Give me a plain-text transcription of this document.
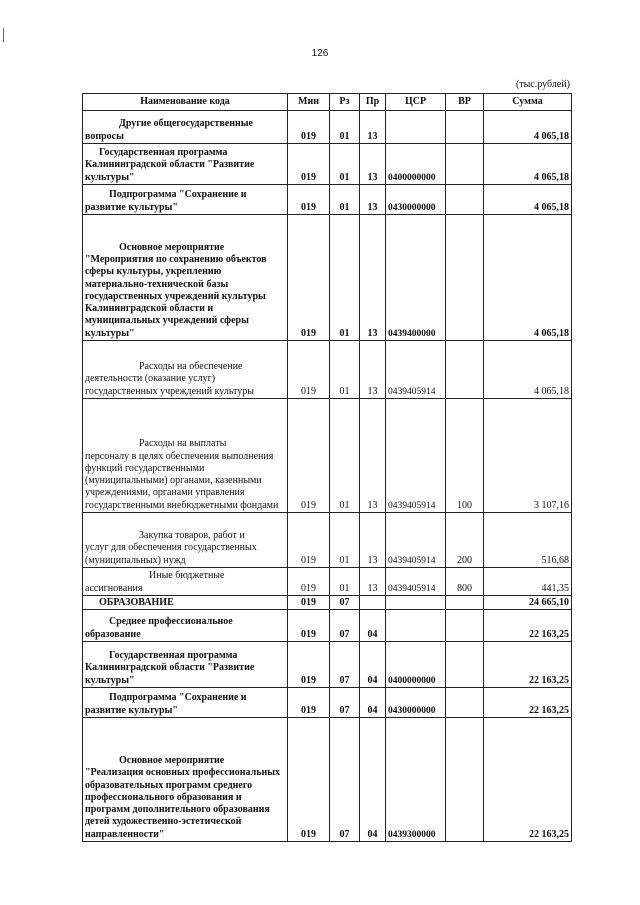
126
(тыс.рублей)
Наименование кода	Мин	Рз	Пр	ЦСР	ВР	Сумма

Другие общегосударственные
вопросы	019	01	13			4 065,18

Государственная программа
Калининградской области "Развитие культуры"	019	01	13	0400000000		4 065,18

Подпрограмма "Сохранение и
развитие культуры"	019	01	13	0430000000		4 065,18

Основное мероприятие
"Мероприятия по сохранению объектов сферы культуры, укреплению материально-технической базы государственных учреждений культуры Калининградской области и муниципальных учреждений сферы культуры"	019	01	13	0439400000		4 065,18

Расходы на обеспечение
деятельности (оказание услуг) государственных учреждений культуры	019	01	13	0439405914		4 065,18

Расходы на выплаты
персоналу в целях обеспечения выполнения функций государственными (муниципальными) органами, казенными учреждениями, органами управления государственными внебюджетными фондами	019	01	13	0439405914	100	3 107,16

Закупка товаров, работ и
услуг для обеспечения государственных (муниципальных) нужд	019	01	13	0439405914	200	516,68

Иные бюджетные
ассигнования	019	01	13	0439405914	800	441,35

ОБРАЗОВАНИЕ	019	07				24 665,10

Среднее профессиональное
образование	019	07	04			22 163,25

Государственная программа
Калининградской области "Развитие культуры"	019	07	04	0400000000		22 163,25

Подпрограмма "Сохранение и
развитие культуры"	019	07	04	0430000000		22 163,25

Основное мероприятие
"Реализация основных профессиональных образовательных программ среднего профессионального образования и программ дополнительного образования детей художественно-эстетической направленности"	019	07	04	0439300000		22 163,25
